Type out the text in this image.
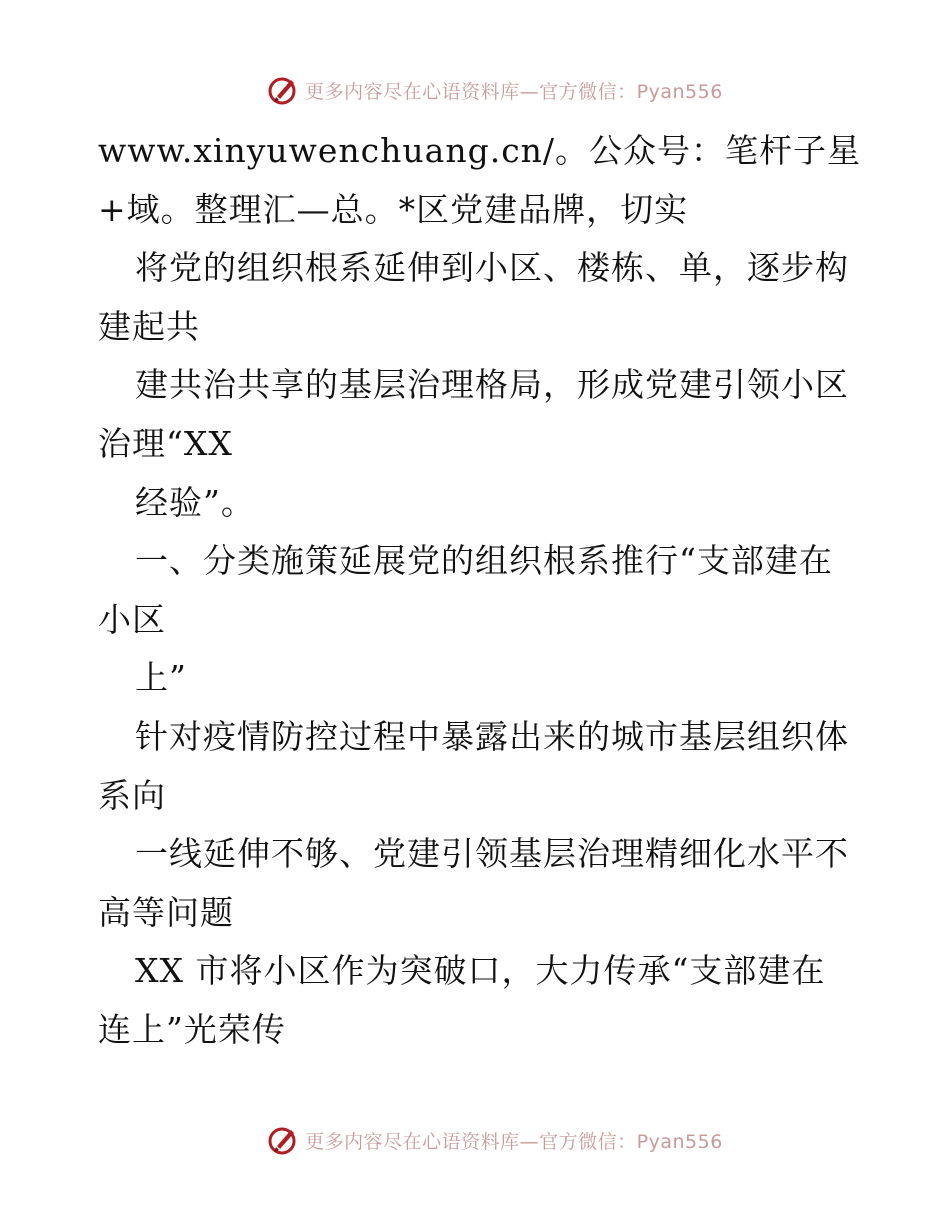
更多内容尽在心语资料库—官方微信：Pyan556
www.xinyuwenchuang.cn/。公众号：笔杆子星
+域。整理汇—总。*区党建品牌，切实
将党的组织根系延伸到小区、楼栋、单，逐步构
建起共
建共治共享的基层治理格局，形成党建引领小区
治理“XX
经验”。
一、分类施策延展党的组织根系推行“支部建在
小区
上”
针对疫情防控过程中暴露出来的城市基层组织体
系向
一线延伸不够、党建引领基层治理精细化水平不
高等问题
XX 市将小区作为突破口，大力传承“支部建在
连上”光荣传
更多内容尽在心语资料库—官方微信：Pyan556
